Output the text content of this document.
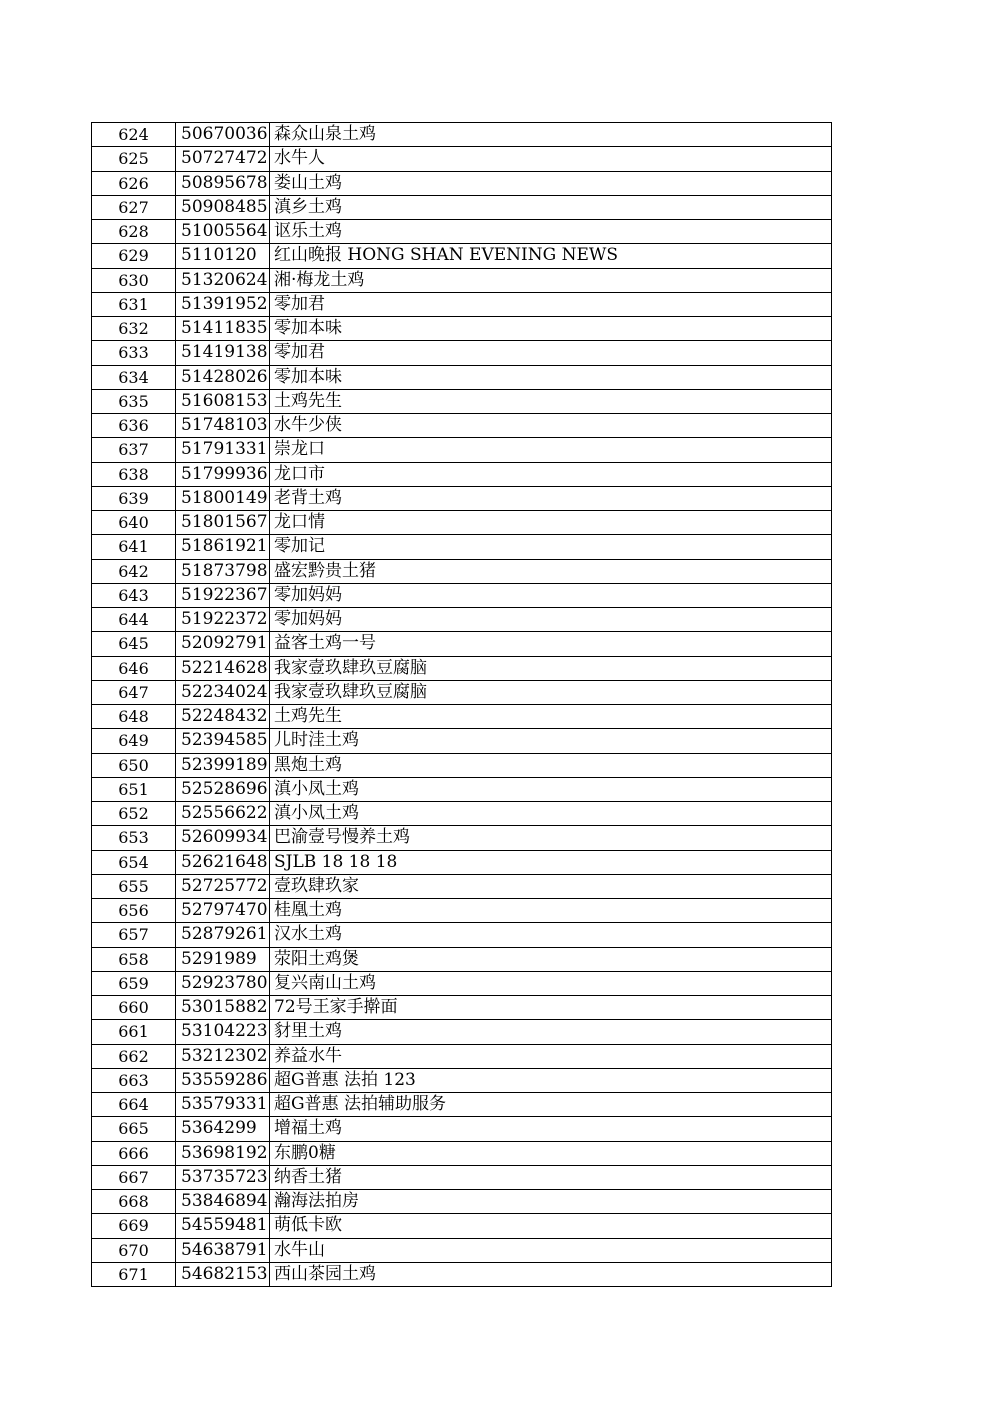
624	50670036	森众山泉土鸡
625	50727472	水牛人
626	50895678	娄山土鸡
627	50908485	滇乡土鸡
628	51005564	讴乐土鸡
629	5110120	红山晚报 HONG SHAN EVENING NEWS
630	51320624	湘·梅龙土鸡
631	51391952	零加君
632	51411835	零加本味
633	51419138	零加君
634	51428026	零加本味
635	51608153	土鸡先生
636	51748103	水牛少侠
637	51791331	崇龙口
638	51799936	龙口市
639	51800149	老背土鸡
640	51801567	龙口情
641	51861921	零加记
642	51873798	盛宏黔贵土猪
643	51922367	零加妈妈
644	51922372	零加妈妈
645	52092791	益客土鸡一号
646	52214628	我家壹玖肆玖豆腐脑
647	52234024	我家壹玖肆玖豆腐脑
648	52248432	土鸡先生
649	52394585	儿时洼土鸡
650	52399189	黑炮土鸡
651	52528696	滇小凤土鸡
652	52556622	滇小凤土鸡
653	52609934	巴渝壹号慢养土鸡
654	52621648	SJLB 18 18 18
655	52725772	壹玖肆玖家
656	52797470	桂凰土鸡
657	52879261	汉水土鸡
658	5291989	荥阳土鸡煲
659	52923780	复兴南山土鸡
660	53015882	72号王家手擀面
661	53104223	豺里土鸡
662	53212302	养益水牛
663	53559286	超G普惠 法拍 123
664	53579331	超G普惠 法拍辅助服务
665	5364299	增福土鸡
666	53698192	东鹏0糖
667	53735723	纳香土猪
668	53846894	瀚海法拍房
669	54559481	萌低卡欧
670	54638791	水牛山
671	54682153	西山茶园土鸡
